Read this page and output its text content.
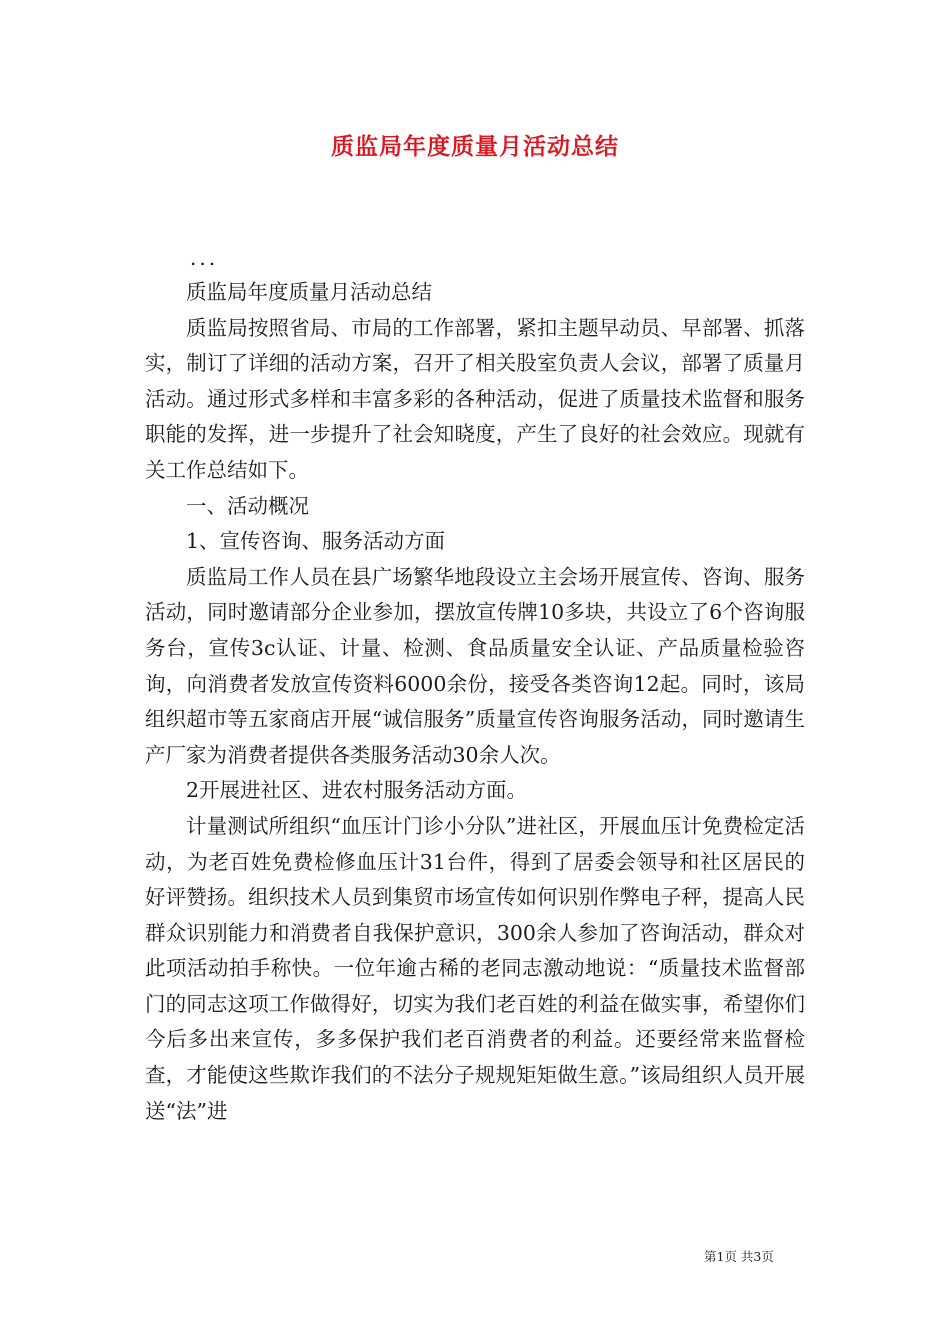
质监局年度质量月活动总结
...

质监局年度质量月活动总结

质监局按照省局、市局的工作部署，紧扣主题早动员、早部署、抓落实，制订了详细的活动方案，召开了相关股室负责人会议，部署了质量月活动。通过形式多样和丰富多彩的各种活动，促进了质量技术监督和服务职能的发挥，进一步提升了社会知晓度，产生了良好的社会效应。现就有关工作总结如下。

一、活动概况

1、宣传咨询、服务活动方面

质监局工作人员在县广场繁华地段设立主会场开展宣传、咨询、服务活动，同时邀请部分企业参加，摆放宣传牌10多块，共设立了6个咨询服务台，宣传3c认证、计量、检测、食品质量安全认证、产品质量检验咨询，向消费者发放宣传资料6000余份，接受各类咨询12起。同时，该局组织超市等五家商店开展“诚信服务”质量宣传咨询服务活动，同时邀请生产厂家为消费者提供各类服务活动30余人次。

2开展进社区、进农村服务活动方面。

计量测试所组织“血压计门诊小分队”进社区，开展血压计免费检定活动，为老百姓免费检修血压计31台件，得到了居委会领导和社区居民的好评赞扬。组织技术人员到集贸市场宣传如何识别作弊电子秤，提高人民群众识别能力和消费者自我保护意识，300余人参加了咨询活动，群众对此项活动拍手称快。一位年逾古稀的老同志激动地说：“质量技术监督部门的同志这项工作做得好，切实为我们老百姓的利益在做实事，希望你们今后多出来宣传，多多保护我们老百消费者的利益。还要经常来监督检查，才能使这些欺诈我们的不法分子规规矩矩做生意。”该局组织人员开展送“法”进

第1页 共3页
